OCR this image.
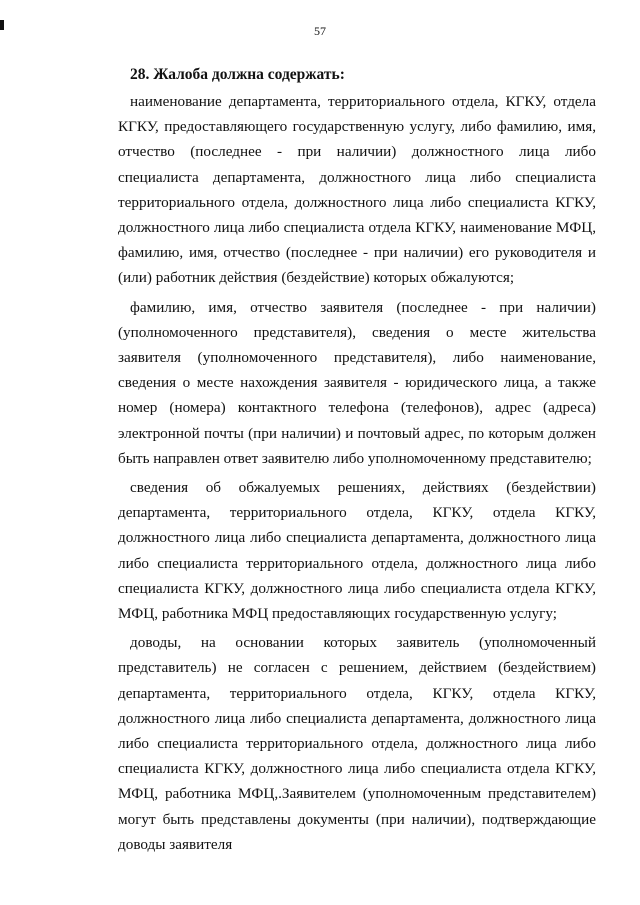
57

28. Жалоба должна содержать:

наименование департамента, территориального отдела, КГКУ, отдела КГКУ, предоставляющего государственную услугу, либо фамилию, имя, отчество (последнее - при наличии) должностного лица либо специалиста департамента, должностного лица либо специалиста территориального отдела, должностного лица либо специалиста КГКУ, должностного лица либо специалиста отдела КГКУ, наименование МФЦ, фамилию, имя, отчество (последнее - при наличии) его руководителя и (или) работник действия (бездействие) которых обжалуются;

фамилию, имя, отчество заявителя (последнее - при наличии) (уполномоченного представителя), сведения о месте жительства заявителя (уполномоченного представителя), либо наименование, сведения о месте нахождения заявителя - юридического лица, а также номер (номера) контактного телефона (телефонов), адрес (адреса) электронной почты (при наличии) и почтовый адрес, по которым должен быть направлен ответ заявителю либо уполномоченному представителю;

сведения об обжалуемых решениях, действиях (бездействии) департамента, территориального отдела, КГКУ, отдела КГКУ, должностного лица либо специалиста департамента, должностного лица либо специалиста территориального отдела, должностного лица либо специалиста КГКУ, должностного лица либо специалиста отдела КГКУ, МФЦ, работника МФЦ предоставляющих государственную услугу;

доводы, на основании которых заявитель (уполномоченный представитель) не согласен с решением, действием (бездействием) департамента, территориального отдела, КГКУ, отдела КГКУ, должностного лица либо специалиста департамента, должностного лица либо специалиста территориального отдела, должностного лица либо специалиста КГКУ, должностного лица либо специалиста отдела КГКУ, МФЦ, работника МФЦ,.Заявителем (уполномоченным представителем) могут быть представлены документы (при наличии), подтверждающие доводы заявителя
